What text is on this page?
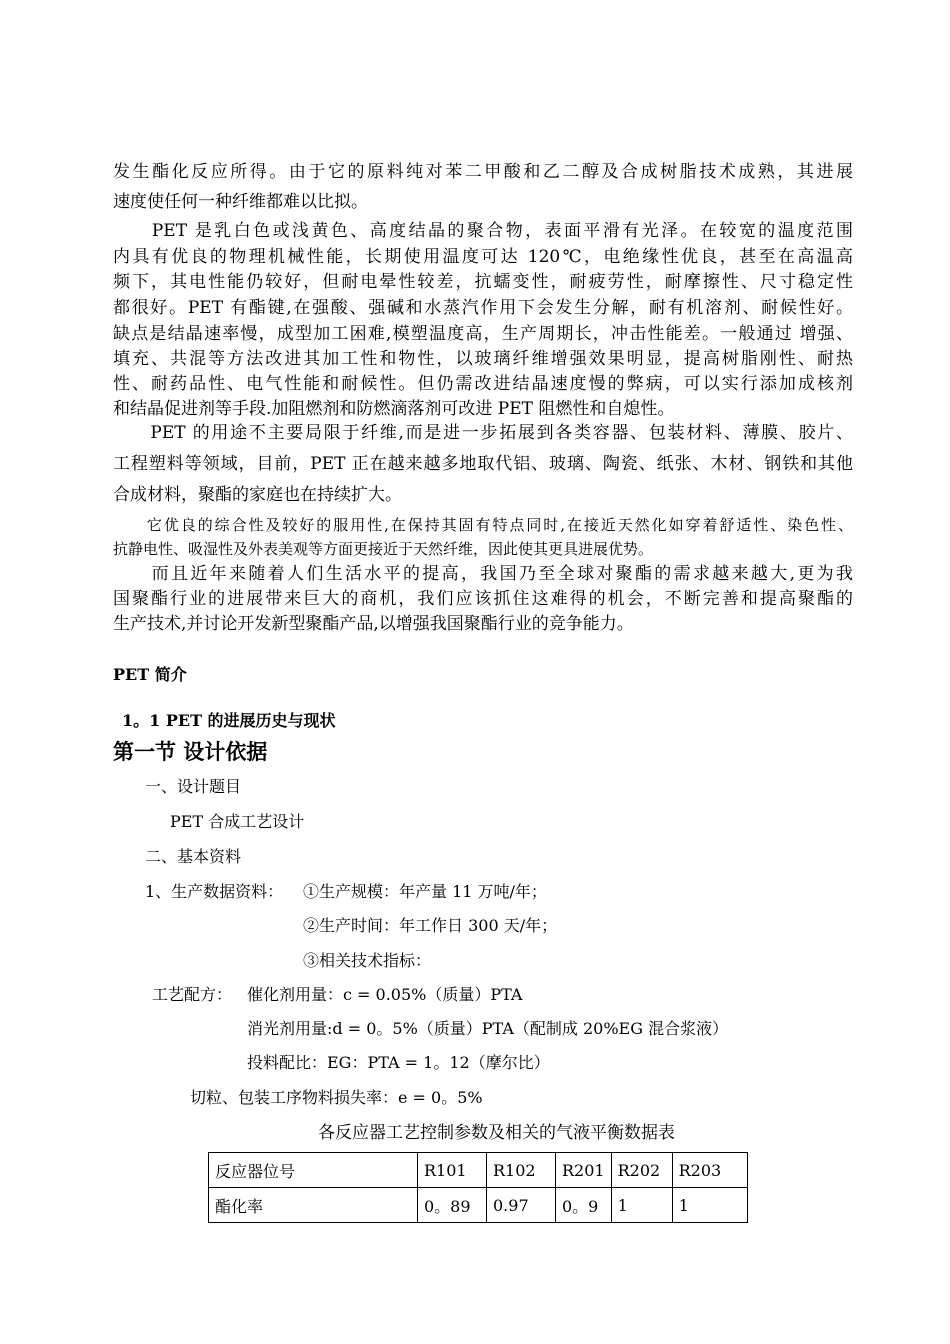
发生酯化反应所得。由于它的原料纯对苯二甲酸和乙二醇及合成树脂技术成熟，其进展
速度使任何一种纤维都难以比拟。
　　PET 是乳白色或浅黄色、高度结晶的聚合物，表面平滑有光泽。在较宽的温度范围
内具有优良的物理机械性能，长期使用温度可达 120℃，电绝缘性优良，甚至在高温高
频下，其电性能仍较好，但耐电晕性较差，抗蠕变性，耐疲劳性，耐摩擦性、尺寸稳定性
都很好。PET 有酯键,在强酸、强碱和水蒸汽作用下会发生分解，耐有机溶剂、耐候性好。
缺点是结晶速率慢，成型加工困难,模塑温度高，生产周期长，冲击性能差。一般通过 增强、
填充、共混等方法改进其加工性和物性，以玻璃纤维增强效果明显，提高树脂刚性、耐热
性、耐药品性、电气性能和耐候性。但仍需改进结晶速度慢的弊病，可以实行添加成核剂
和结晶促进剂等手段.加阻燃剂和防燃滴落剂可改进 PET 阻燃性和自熄性。
　　PET 的用途不主要局限于纤维,而是进一步拓展到各类容器、包装材料、薄膜、胶片、
工程塑料等领域，目前，PET 正在越来越多地取代铝、玻璃、陶瓷、纸张、木材、钢铁和其他
合成材料，聚酯的家庭也在持续扩大。
　　它优良的综合性及较好的服用性,在保持其固有特点同时,在接近天然化如穿着舒适性、染色性、
抗静电性、吸湿性及外表美观等方面更接近于天然纤维，因此使其更具进展优势。
　　而且近年来随着人们生活水平的提高，我国乃至全球对聚酯的需求越来越大,更为我
国聚酯行业的进展带来巨大的商机，我们应该抓住这难得的机会，不断完善和提高聚酯的
生产技术,并讨论开发新型聚酯产品,以增强我国聚酯行业的竞争能力。
PET 简介
1。1 PET 的进展历史与现状
第一节 设计依据
一、设计题目
PET 合成工艺设计
二、基本资料
1、生产数据资料： ①生产规模：年产量 11 万吨/年；
②生产时间：年工作日 300 天/年；
③相关技术指标：
工艺配方： 催化剂用量：c = 0.05%（质量）PTA
消光剂用量:d = 0。5%（质量）PTA（配制成 20%EG 混合浆液）
投料配比：EG：PTA = 1。12（摩尔比）
切粒、包装工序物料损失率：e = 0。5%
各反应器工艺控制参数及相关的气液平衡数据表
反应器位号	R101	R102	R201	R202	R203
酯化率	0。89	0.97	0。9	1	1
